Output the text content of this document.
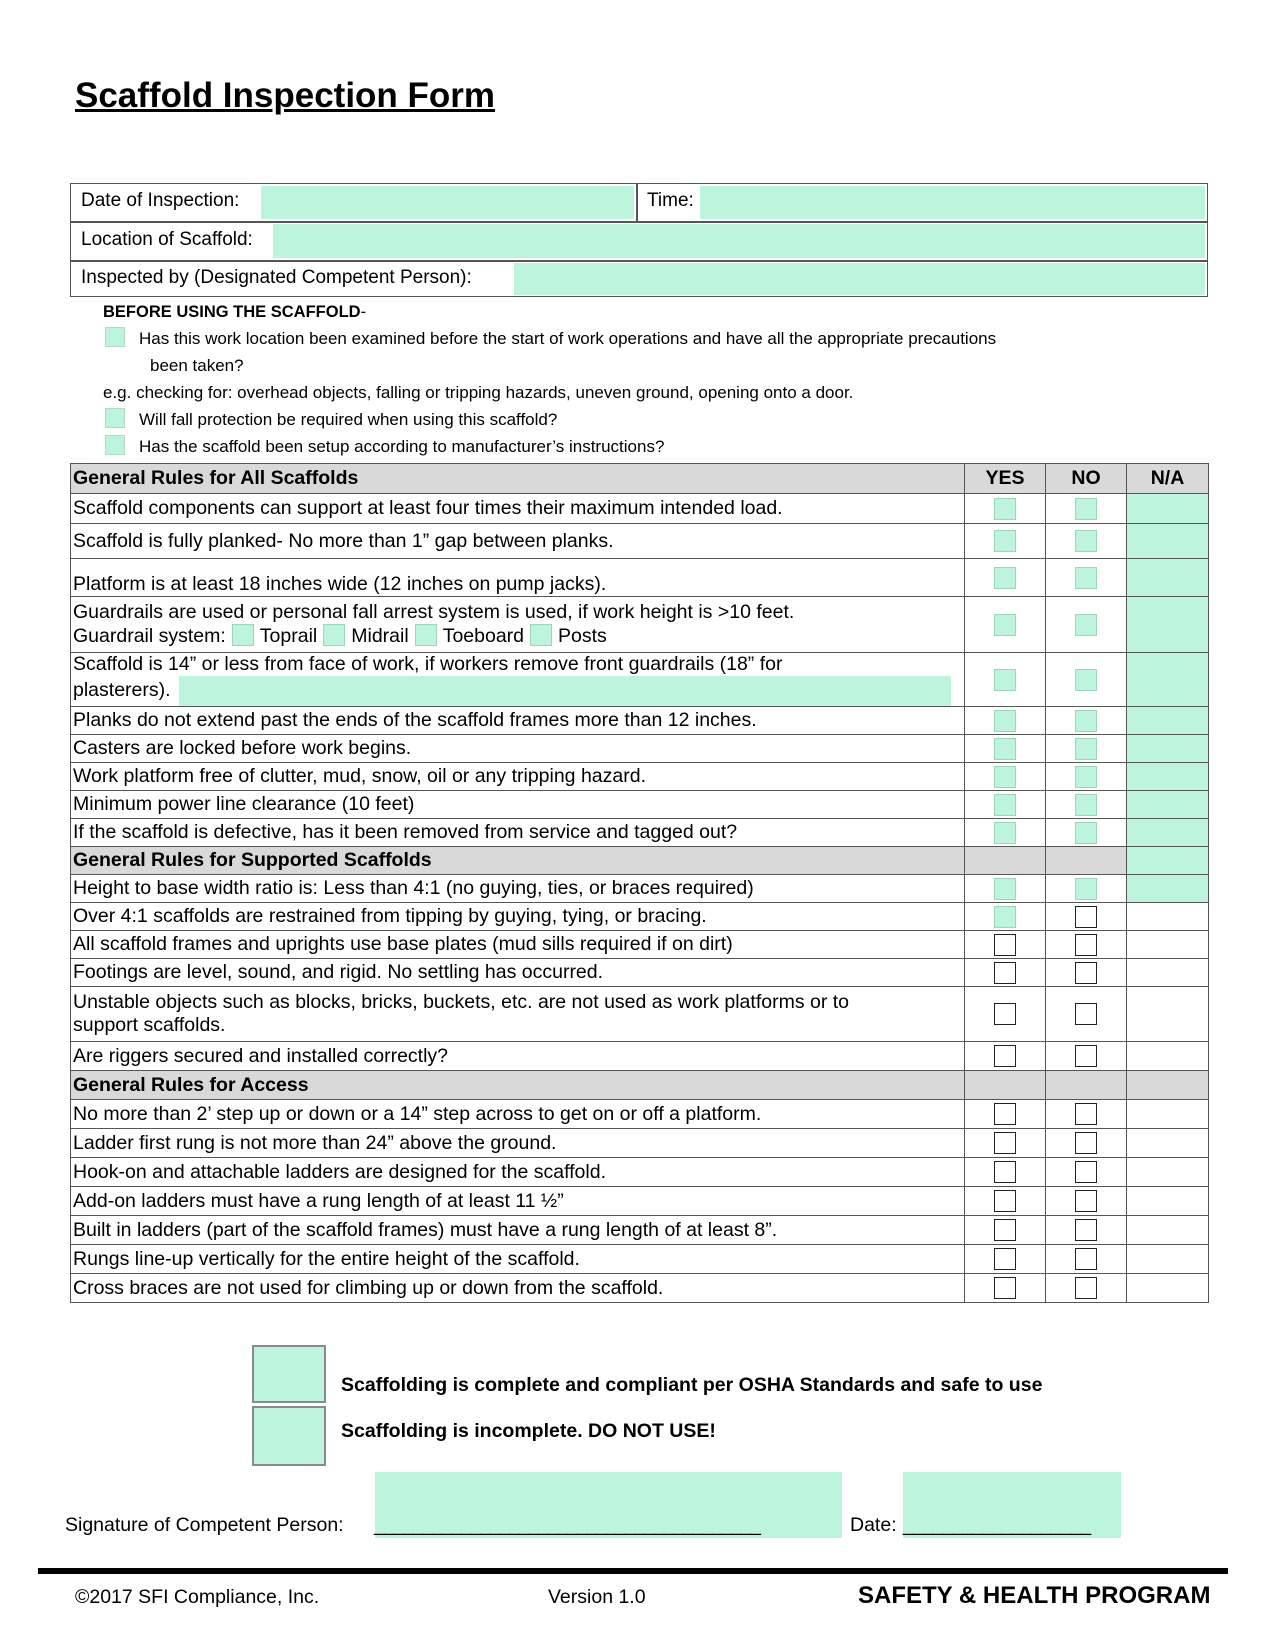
Scaffold Inspection Form
Date of Inspection:	Time:
Location of Scaffold:
Inspected by (Designated Competent Person):
BEFORE USING THE SCAFFOLD-
Has this work location been examined before the start of work operations and have all the appropriate precautions
been taken?
e.g. checking for: overhead objects, falling or tripping hazards, uneven ground, opening onto a door.
Will fall protection be required when using this scaffold?
Has the scaffold been setup according to manufacturer’s instructions?
General Rules for All Scaffolds	YES	NO	N/A
Scaffold components can support at least four times their maximum intended load.			
Scaffold is fully planked- No more than 1” gap between planks.			
Platform is at least 18 inches wide (12 inches on pump jacks).			

Guardrails are used or personal fall arrest system is used, if work height is >10 feet.
Guardrail system: Toprail Midrail Toeboard Posts			

Scaffold is 14” or less from face of work, if workers remove front guardrails (18” for
plasterers).			

Planks do not extend past the ends of the scaffold frames more than 12 inches.			
Casters are locked before work begins.			
Work platform free of clutter, mud, snow, oil or any tripping hazard.			
Minimum power line clearance (10 feet)			
If the scaffold is defective, has it been removed from service and tagged out?			
General Rules for Supported Scaffolds			
Height to base width ratio is: Less than 4:1 (no guying, ties, or braces required)			
Over 4:1 scaffolds are restrained from tipping by guying, tying, or bracing.			
All scaffold frames and uprights use base plates (mud sills required if on dirt)			
Footings are level, sound, and rigid. No settling has occurred.			

Unstable objects such as blocks, bricks, buckets, etc. are not used as work platforms or to
support scaffolds.			

Are riggers secured and installed correctly?			
General Rules for Access			
No more than 2’ step up or down or a 14” step across to get on or off a platform.			
Ladder first rung is not more than 24” above the ground.			
Hook-on and attachable ladders are designed for the scaffold.			
Add-on ladders must have a rung length of at least 11 ½”			
Built in ladders (part of the scaffold frames) must have a rung length of at least 8”.			
Rungs line-up vertically for the entire height of the scaffold.			
Cross braces are not used for climbing up or down from the scaffold.			
Scaffolding is complete and compliant per OSHA Standards and safe to use
Scaffolding is incomplete. DO NOT USE!
Signature of Competent Person: ________________________________________	Date: ___________________
©2017 SFI Compliance, Inc.	Version 1.0	SAFETY & HEALTH PROGRAM
